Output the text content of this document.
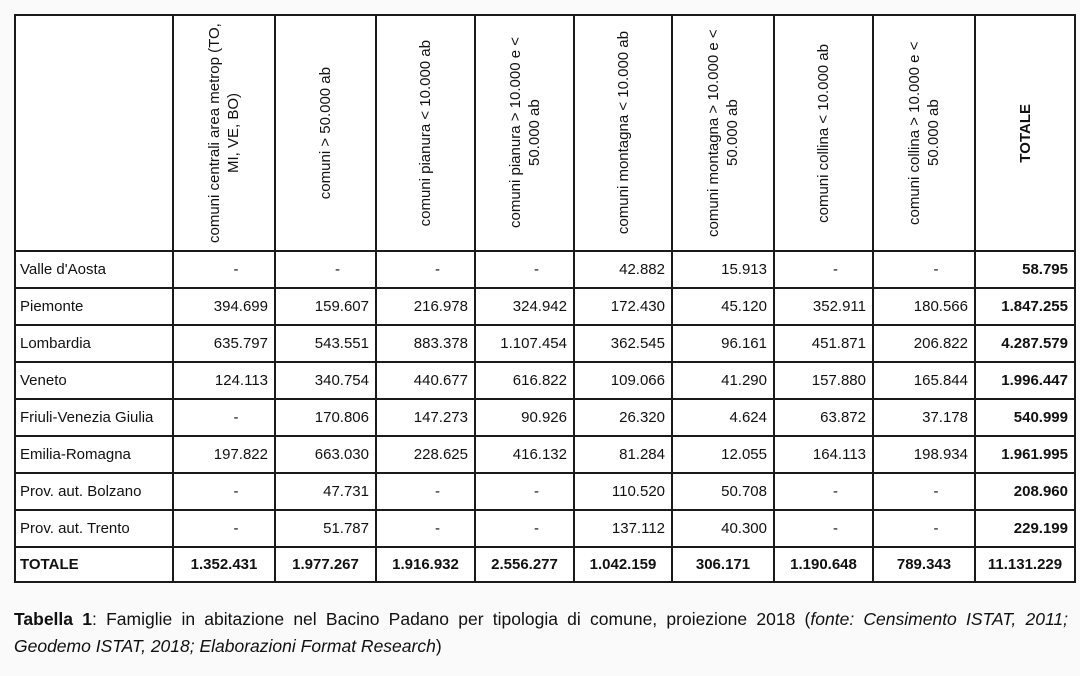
	comuni centrali area metrop (TO, MI, VE, BO)	comuni > 50.000 ab	comuni pianura < 10.000 ab	comuni pianura > 10.000 e < 50.000 ab	comuni montagna < 10.000 ab	comuni montagna > 10.000 e < 50.000 ab	comuni collina < 10.000 ab	comuni collina > 10.000 e < 50.000 ab	TOTALE

Valle d'Aosta	-	-	-	-	42.882	15.913	-	-	58.795
Piemonte	394.699	159.607	216.978	324.942	172.430	45.120	352.911	180.566	1.847.255
Lombardia	635.797	543.551	883.378	1.107.454	362.545	96.161	451.871	206.822	4.287.579
Veneto	124.113	340.754	440.677	616.822	109.066	41.290	157.880	165.844	1.996.447
Friuli-Venezia Giulia	-	170.806	147.273	90.926	26.320	4.624	63.872	37.178	540.999
Emilia-Romagna	197.822	663.030	228.625	416.132	81.284	12.055	164.113	198.934	1.961.995
Prov. aut. Bolzano	-	47.731	-	-	110.520	50.708	-	-	208.960
Prov. aut. Trento	-	51.787	-	-	137.112	40.300	-	-	229.199
TOTALE	1.352.431	1.977.267	1.916.932	2.556.277	1.042.159	306.171	1.190.648	789.343	11.131.229
Tabella 1: Famiglie in abitazione nel Bacino Padano per tipologia di comune, proiezione 2018 (fonte: Censimento ISTAT, 2011; Geodemo ISTAT, 2018; Elaborazioni Format Research)
